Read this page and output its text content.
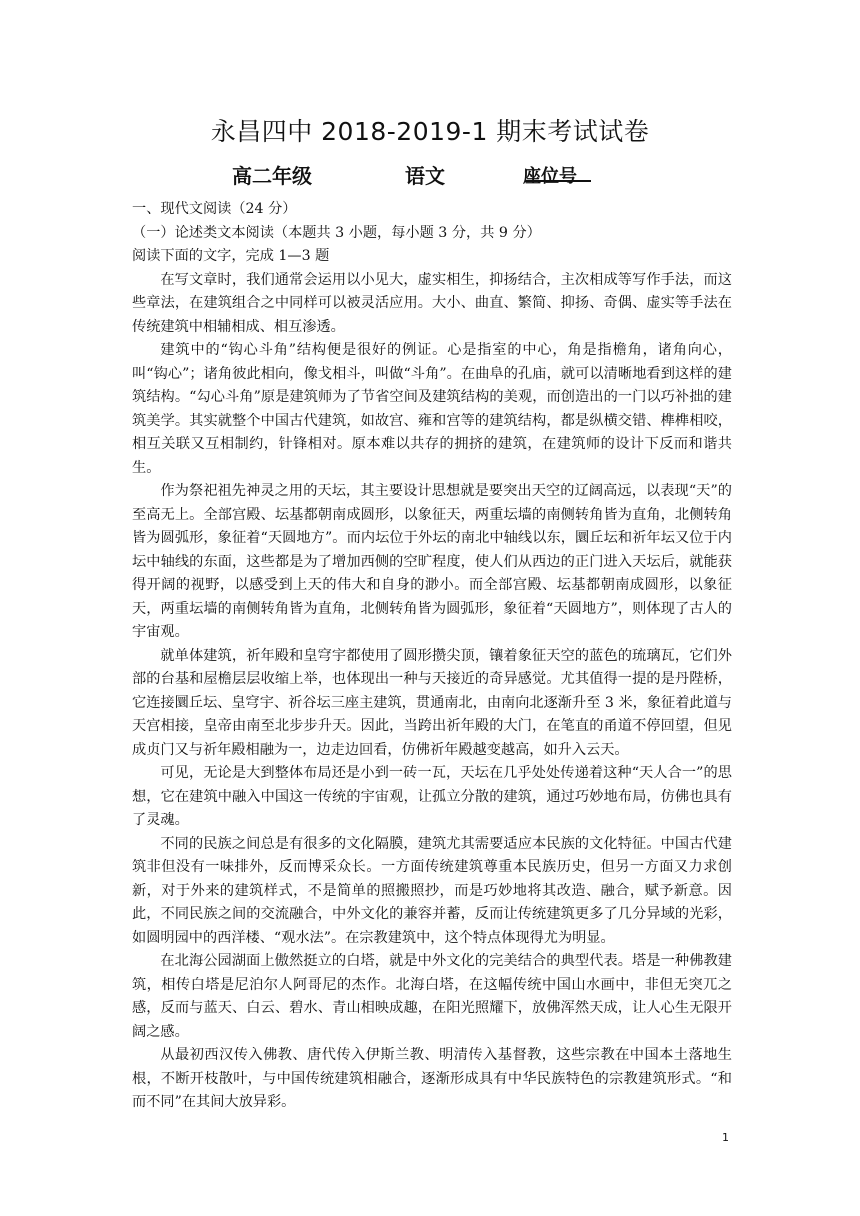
永昌四中 2018-2019-1 期末考试试卷
高二年级	语文	座位号

一、现代文阅读（24 分）

（一）论述类文本阅读（本题共 3 小题，每小题 3 分，共 9 分）

阅读下面的文字，完成 1—3 题

在写文章时，我们通常会运用以小见大，虚实相生，抑扬结合，主次相成等写作手法，而这些章法，在建筑组合之中同样可以被灵活应用。大小、曲直、繁简、抑扬、奇偶、虚实等手法在传统建筑中相辅相成、相互渗透。

建筑中的“钩心斗角”结构便是很好的例证。心是指室的中心，角是指檐角，诸角向心，叫“钩心”；诸角彼此相向，像戈相斗，叫做“斗角”。在曲阜的孔庙，就可以清晰地看到这样的建筑结构。“勾心斗角”原是建筑师为了节省空间及建筑结构的美观，而创造出的一门以巧补拙的建筑美学。其实就整个中国古代建筑，如故宫、雍和宫等的建筑结构，都是纵横交错、榫榫相咬，相互关联又互相制约，针锋相对。原本难以共存的拥挤的建筑，在建筑师的设计下反而和谐共生。

作为祭祀祖先神灵之用的天坛，其主要设计思想就是要突出天空的辽阔高远，以表现“天”的至高无上。全部宫殿、坛基都朝南成圆形，以象征天，两重坛墙的南侧转角皆为直角，北侧转角皆为圆弧形，象征着“天圆地方”。而内坛位于外坛的南北中轴线以东，圜丘坛和祈年坛又位于内坛中轴线的东面，这些都是为了增加西侧的空旷程度，使人们从西边的正门进入天坛后，就能获得开阔的视野，以感受到上天的伟大和自身的渺小。而全部宫殿、坛基都朝南成圆形，以象征天，两重坛墙的南侧转角皆为直角，北侧转角皆为圆弧形，象征着“天圆地方”，则体现了古人的宇宙观。

就单体建筑，祈年殿和皇穹宇都使用了圆形攒尖顶，镶着象征天空的蓝色的琉璃瓦，它们外部的台基和屋檐层层收缩上举，也体现出一种与天接近的奇异感觉。尤其值得一提的是丹陛桥，它连接圜丘坛、皇穹宇、祈谷坛三座主建筑，贯通南北，由南向北逐渐升至 3 米，象征着此道与天宫相接，皇帝由南至北步步升天。因此，当跨出祈年殿的大门，在笔直的甬道不停回望，但见成贞门又与祈年殿相融为一，边走边回看，仿佛祈年殿越变越高，如升入云天。

可见，无论是大到整体布局还是小到一砖一瓦，天坛在几乎处处传递着这种“天人合一”的思想，它在建筑中融入中国这一传统的宇宙观，让孤立分散的建筑，通过巧妙地布局，仿佛也具有了灵魂。

不同的民族之间总是有很多的文化隔膜，建筑尤其需要适应本民族的文化特征。中国古代建筑非但没有一味排外，反而博采众长。一方面传统建筑尊重本民族历史，但另一方面又力求创新，对于外来的建筑样式，不是简单的照搬照抄，而是巧妙地将其改造、融合，赋予新意。因此，不同民族之间的交流融合，中外文化的兼容并蓄，反而让传统建筑更多了几分异域的光彩，如圆明园中的西洋楼、“观水法”。在宗教建筑中，这个特点体现得尤为明显。

在北海公园湖面上傲然挺立的白塔，就是中外文化的完美结合的典型代表。塔是一种佛教建筑，相传白塔是尼泊尔人阿哥尼的杰作。北海白塔，在这幅传统中国山水画中，非但无突兀之感，反而与蓝天、白云、碧水、青山相映成趣，在阳光照耀下，放佛浑然天成，让人心生无限开阔之感。

从最初西汉传入佛教、唐代传入伊斯兰教、明清传入基督教，这些宗教在中国本土落地生根，不断开枝散叶，与中国传统建筑相融合，逐渐形成具有中华民族特色的宗教建筑形式。“和而不同”在其间大放异彩。

1
